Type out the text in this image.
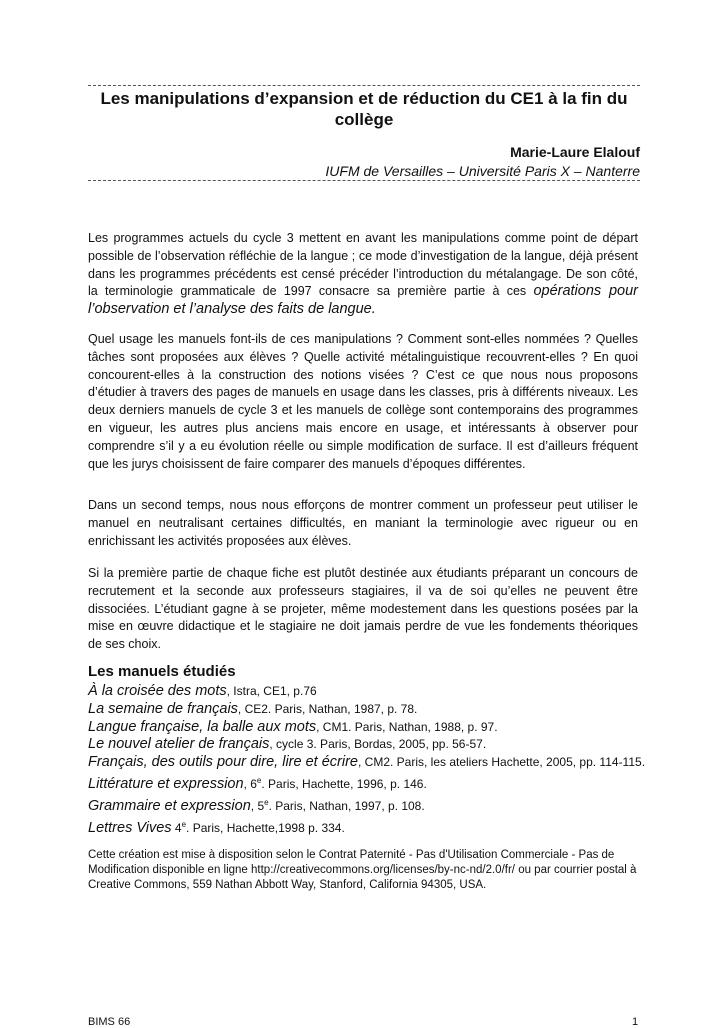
Les manipulations d’expansion et de réduction du CE1 à la fin du collège
Marie-Laure Elalouf
IUFM de Versailles – Université Paris X – Nanterre
Les programmes actuels du cycle 3 mettent en avant les manipulations comme point de départ possible de l’observation réfléchie de la langue ; ce mode d’investigation de la langue, déjà présent dans les programmes précédents est censé précéder l’introduction du métalangage. De son côté, la terminologie grammaticale de 1997 consacre sa première partie à ces opérations pour l’observation et l’analyse des faits de langue.
Quel usage les manuels font-ils de ces manipulations ? Comment sont-elles nommées ? Quelles tâches sont proposées aux élèves ? Quelle activité métalinguistique recouvrent-elles ? En quoi concourent-elles à la construction des notions visées ? C’est ce que nous nous proposons d’étudier à travers des pages de manuels en usage dans les classes, pris à différents niveaux. Les deux derniers manuels de cycle 3 et les manuels de collège sont contemporains des programmes en vigueur, les autres plus anciens mais encore en usage, et intéressants à observer pour comprendre s’il y a eu évolution réelle ou simple modification de surface. Il est d’ailleurs fréquent que les jurys choisissent de faire comparer des manuels d’époques différentes.
Dans un second temps, nous nous efforçons de montrer comment un professeur peut utiliser le manuel en neutralisant certaines difficultés, en maniant la terminologie avec rigueur ou en enrichissant les activités proposées aux élèves.
Si la première partie de chaque fiche est plutôt destinée aux étudiants préparant un concours de recrutement et la seconde aux professeurs stagiaires, il va de soi qu’elles ne peuvent être dissociées. L’étudiant gagne à se projeter, même modestement dans les questions posées par la mise en œuvre didactique et le stagiaire ne doit jamais perdre de vue les fondements théoriques de ses choix.
Les manuels étudiés
À la croisée des mots, Istra, CE1, p.76
La semaine de français, CE2. Paris, Nathan, 1987, p. 78.
Langue française, la balle aux mots, CM1. Paris, Nathan, 1988, p. 97.
Le nouvel atelier de français, cycle 3. Paris, Bordas, 2005, pp. 56-57.
Français, des outils pour dire, lire et écrire, CM2. Paris, les ateliers Hachette, 2005, pp. 114-115.
Littérature et expression, 6e. Paris, Hachette, 1996, p. 146.
Grammaire et expression, 5e. Paris, Nathan, 1997, p. 108.
Lettres Vives 4e. Paris, Hachette,1998 p. 334.
Cette création est mise à disposition selon le Contrat Paternité - Pas d'Utilisation Commerciale - Pas de
Modification disponible en ligne http://creativecommons.org/licenses/by-nc-nd/2.0/fr/ ou par courrier postal à
Creative Commons, 559 Nathan Abbott Way, Stanford, California 94305, USA.
BIMS 66	1
